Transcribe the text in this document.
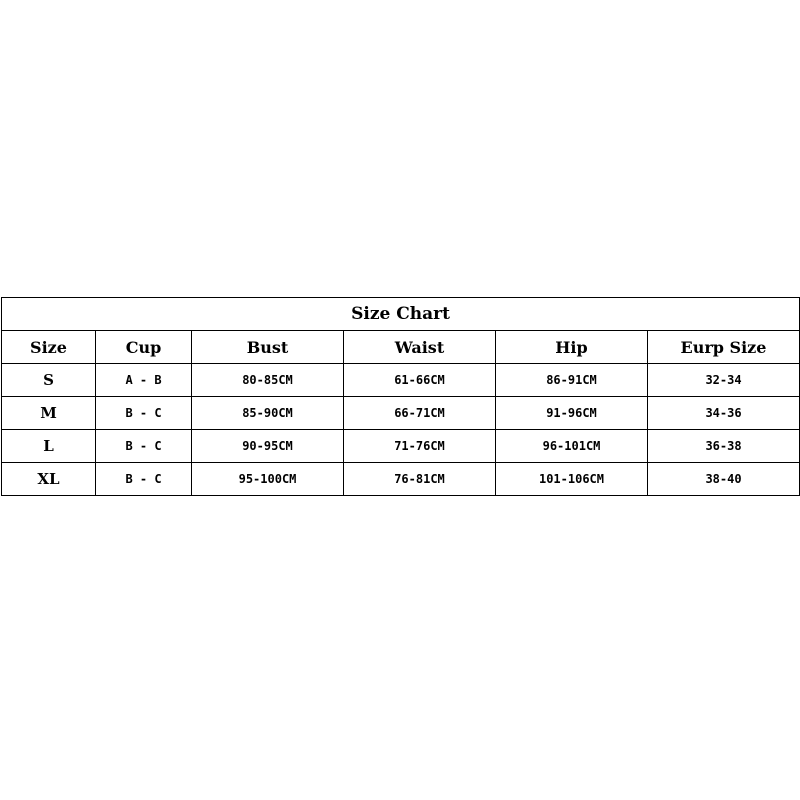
Size Chart					
Size	Cup	Bust	Waist	Hip	Eurp Size
S	A - B	80-85CM	61-66CM	86-91CM	32-34
M	B - C	85-90CM	66-71CM	91-96CM	34-36
L	B - C	90-95CM	71-76CM	96-101CM	36-38
XL	B - C	95-100CM	76-81CM	101-106CM	38-40
